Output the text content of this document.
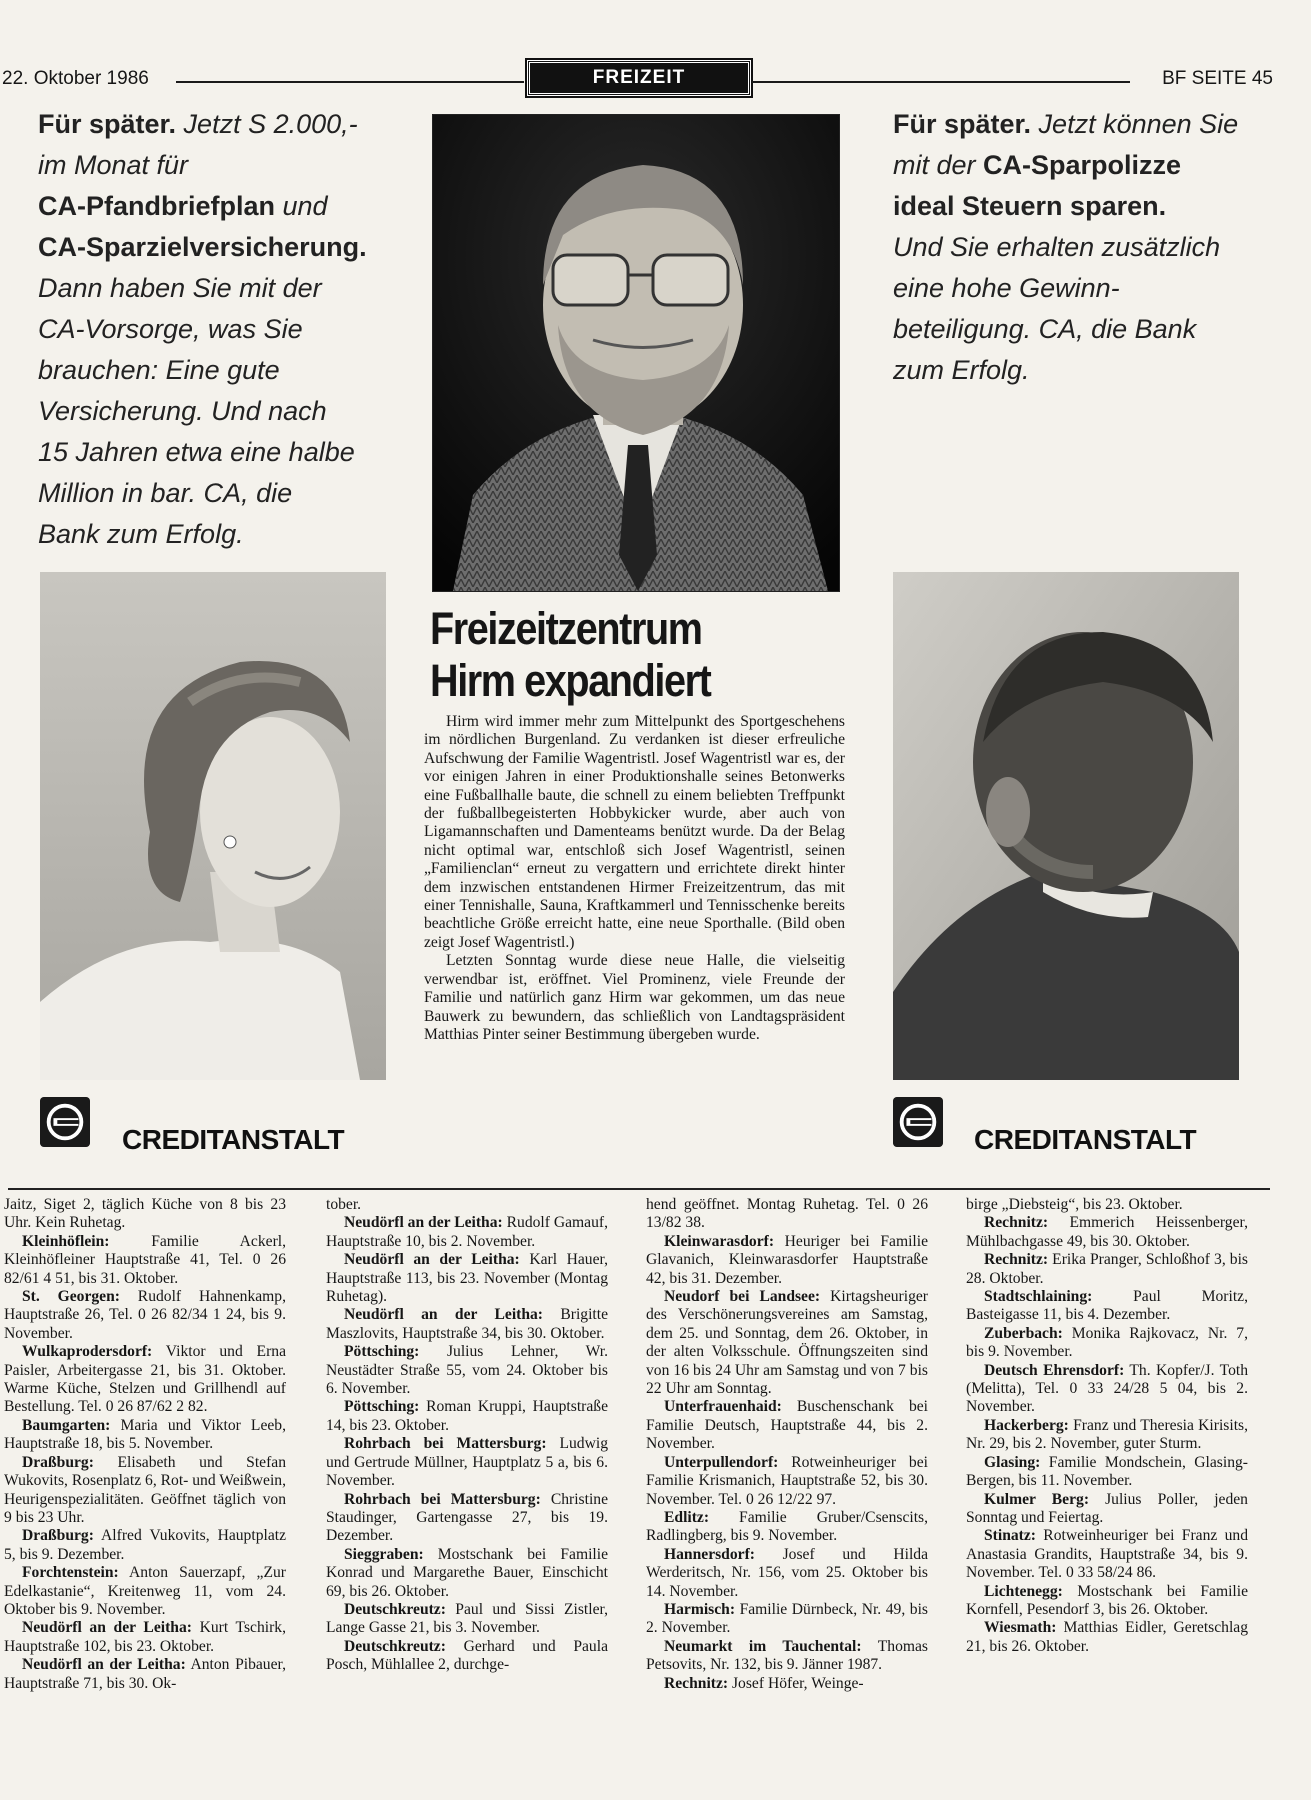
22. Oktober 1986	FREIZEIT	BF SEITE 45
Für später. Jetzt S 2.000,-
im Monat für
CA-Pfandbriefplan und
CA-Sparzielversicherung.
Dann haben Sie mit der
CA-Vorsorge, was Sie
brauchen: Eine gute
Versicherung. Und nach
15 Jahren etwa eine halbe
Million in bar. CA, die
Bank zum Erfolg.
Für später. Jetzt können Sie
mit der CA-Sparpolizze
ideal Steuern sparen.
Und Sie erhalten zusätzlich
eine hohe Gewinn-
beteiligung. CA, die Bank
zum Erfolg.
CREDITANSTALT	CREDITANSTALT
Freizeitzentrum
Hirm expandiert

Hirm wird immer mehr zum Mittelpunkt des Sportgeschehens im nördlichen Burgenland. Zu verdanken ist dieser erfreuliche Aufschwung der Familie Wagentristl. Josef Wagentristl war es, der vor einigen Jahren in einer Produktionshalle seines Betonwerks eine Fußballhalle baute, die schnell zu einem beliebten Treffpunkt der fußballbegeisterten Hobbykicker wurde, aber auch von Ligamannschaften und Damenteams benützt wurde. Da der Belag nicht optimal war, entschloß sich Josef Wagentristl, seinen „Familienclan“ erneut zu vergattern und errichtete direkt hinter dem inzwischen entstandenen Hirmer Freizeitzentrum, das mit einer Tennishalle, Sauna, Kraftkammerl und Tennisschenke bereits beachtliche Größe erreicht hatte, eine neue Sporthalle. (Bild oben zeigt Josef Wagentristl.)

Letzten Sonntag wurde diese neue Halle, die vielseitig verwendbar ist, eröffnet. Viel Prominenz, viele Freunde der Familie und natürlich ganz Hirm war gekommen, um das neue Bauwerk zu bewundern, das schließlich von Landtagspräsident Matthias Pinter seiner Bestimmung übergeben wurde.

Jaitz, Siget 2, täglich Küche von 8 bis 23 Uhr. Kein Ruhetag.

Kleinhöflein: Familie Ackerl, Kleinhöfleiner Hauptstraße 41, Tel. 0 26 82/61 4 51, bis 31. Oktober.

St. Georgen: Rudolf Hahnenkamp, Hauptstraße 26, Tel. 0 26 82/34 1 24, bis 9. November.

Wulkaprodersdorf: Viktor und Erna Paisler, Arbeitergasse 21, bis 31. Oktober. Warme Küche, Stelzen und Grillhendl auf Bestellung. Tel. 0 26 87/62 2 82.

Baumgarten: Maria und Viktor Leeb, Hauptstraße 18, bis 5. November.

Draßburg: Elisabeth und Stefan Wukovits, Rosenplatz 6, Rot- und Weißwein, Heurigenspezialitäten. Geöffnet täglich von 9 bis 23 Uhr.

Draßburg: Alfred Vukovits, Hauptplatz 5, bis 9. Dezember.

Forchtenstein: Anton Sauerzapf, „Zur Edelkastanie“, Kreitenweg 11, vom 24. Oktober bis 9. November.

Neudörfl an der Leitha: Kurt Tschirk, Hauptstraße 102, bis 23. Oktober.

Neudörfl an der Leitha: Anton Pibauer, Hauptstraße 71, bis 30. Ok-

tober.

Neudörfl an der Leitha: Rudolf Gamauf, Hauptstraße 10, bis 2. November.

Neudörfl an der Leitha: Karl Hauer, Hauptstraße 113, bis 23. November (Montag Ruhetag).

Neudörfl an der Leitha: Brigitte Maszlovits, Hauptstraße 34, bis 30. Oktober.

Pöttsching: Julius Lehner, Wr. Neustädter Straße 55, vom 24. Oktober bis 6. November.

Pöttsching: Roman Kruppi, Hauptstraße 14, bis 23. Oktober.

Rohrbach bei Mattersburg: Ludwig und Gertrude Müllner, Hauptplatz 5 a, bis 6. November.

Rohrbach bei Mattersburg: Christine Staudinger, Gartengasse 27, bis 19. Dezember.

Sieggraben: Mostschank bei Familie Konrad und Margarethe Bauer, Einschicht 69, bis 26. Oktober.

Deutschkreutz: Paul und Sissi Zistler, Lange Gasse 21, bis 3. November.

Deutschkreutz: Gerhard und Paula Posch, Mühlallee 2, durchge-

hend geöffnet. Montag Ruhetag. Tel. 0 26 13/82 38.

Kleinwarasdorf: Heuriger bei Familie Glavanich, Kleinwarasdorfer Hauptstraße 42, bis 31. Dezember.

Neudorf bei Landsee: Kirtagsheuriger des Verschönerungsvereines am Samstag, dem 25. und Sonntag, dem 26. Oktober, in der alten Volksschule. Öffnungszeiten sind von 16 bis 24 Uhr am Samstag und von 7 bis 22 Uhr am Sonntag.

Unterfrauenhaid: Buschenschank bei Familie Deutsch, Hauptstraße 44, bis 2. November.

Unterpullendorf: Rotweinheuriger bei Familie Krismanich, Hauptstraße 52, bis 30. November. Tel. 0 26 12/22 97.

Edlitz: Familie Gruber/Csenscits, Radlingberg, bis 9. November.

Hannersdorf: Josef und Hilda Werderitsch, Nr. 156, vom 25. Oktober bis 14. November.

Harmisch: Familie Dürnbeck, Nr. 49, bis 2. November.

Neumarkt im Tauchental: Thomas Petsovits, Nr. 132, bis 9. Jänner 1987.

Rechnitz: Josef Höfer, Weinge-

birge „Diebsteig“, bis 23. Oktober.

Rechnitz: Emmerich Heissenberger, Mühlbachgasse 49, bis 30. Oktober.

Rechnitz: Erika Pranger, Schloßhof 3, bis 28. Oktober.

Stadtschlaining: Paul Moritz, Basteigasse 11, bis 4. Dezember.

Zuberbach: Monika Rajkovacz, Nr. 7, bis 9. November.

Deutsch Ehrensdorf: Th. Kopfer/J. Toth (Melitta), Tel. 0 33 24/28 5 04, bis 2. November.

Hackerberg: Franz und Theresia Kirisits, Nr. 29, bis 2. November, guter Sturm.

Glasing: Familie Mondschein, Glasing-Bergen, bis 11. November.

Kulmer Berg: Julius Poller, jeden Sonntag und Feiertag.

Stinatz: Rotweinheuriger bei Franz und Anastasia Grandits, Hauptstraße 34, bis 9. November. Tel. 0 33 58/24 86.

Lichtenegg: Mostschank bei Familie Kornfell, Pesendorf 3, bis 26. Oktober.

Wiesmath: Matthias Eidler, Geretschlag 21, bis 26. Oktober.
